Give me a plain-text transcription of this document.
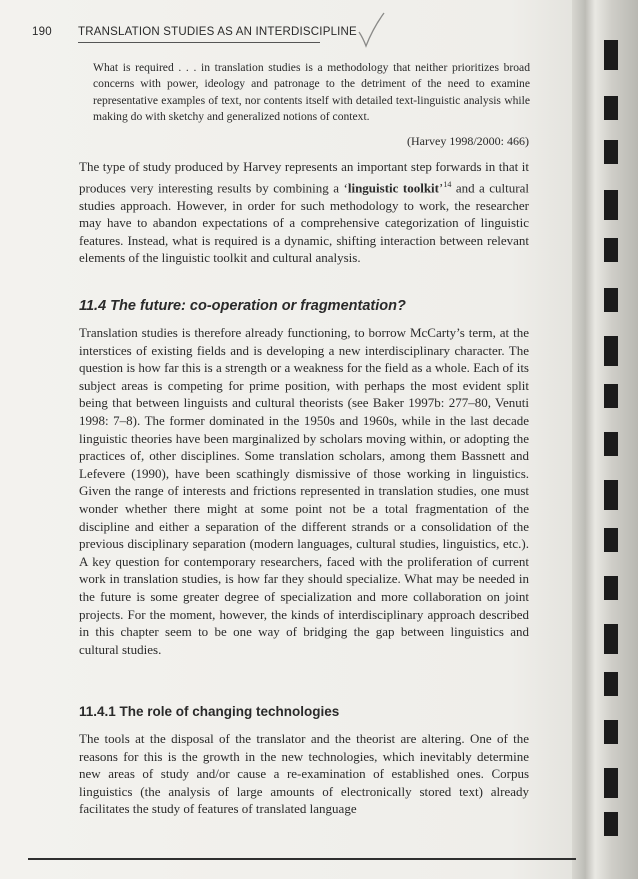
190 TRANSLATION STUDIES AS AN INTERDISCIPLINE
What is required . . . in translation studies is a methodology that neither prioritizes broad concerns with power, ideology and patronage to the detriment of the need to examine representative examples of text, nor contents itself with detailed text-linguistic analysis while making do with sketchy and generalized notions of context.
(Harvey 1998/2000: 466)
The type of study produced by Harvey represents an important step forwards in that it produces very interesting results by combining a ‘linguistic toolkit’$^{14}$ and a cultural studies approach. However, in order for such methodology to work, the researcher may have to abandon expectations of a comprehensive categorization of linguistic features. Instead, what is required is a dynamic, shifting interaction between relevant elements of the linguistic toolkit and cultural analysis.
11.4 The future: co-operation or fragmentation?
Translation studies is therefore already functioning, to borrow McCarty’s term, at the interstices of existing fields and is developing a new interdisciplinary character. The question is how far this is a strength or a weakness for the field as a whole. Each of its subject areas is competing for prime position, with perhaps the most evident split being that between linguists and cultural theorists (see Baker 1997b: 277–80, Venuti 1998: 7–8). The former dominated in the 1950s and 1960s, while in the last decade linguistic theories have been marginalized by scholars moving within, or adopting the practices of, other disciplines. Some translation scholars, among them Bassnett and Lefevere (1990), have been scathingly dismissive of those working in linguistics. Given the range of interests and frictions represented in translation studies, one must wonder whether there might at some point not be a total fragmentation of the discipline and either a separation of the different strands or a consolidation of the previous disciplinary separation (modern languages, cultural studies, linguistics, etc.). A key question for contemporary researchers, faced with the proliferation of current work in translation studies, is how far they should specialize. What may be needed in the future is some greater degree of specialization and more collaboration on joint projects. For the moment, however, the kinds of interdisciplinary approach described in this chapter seem to be one way of bridging the gap between linguistics and cultural studies.
11.4.1 The role of changing technologies
The tools at the disposal of the translator and the theorist are altering. One of the reasons for this is the growth in the new technologies, which inevitably determine new areas of study and/or cause a re-examination of established ones. Corpus linguistics (the analysis of large amounts of electronically stored text) already facilitates the study of features of translated language
